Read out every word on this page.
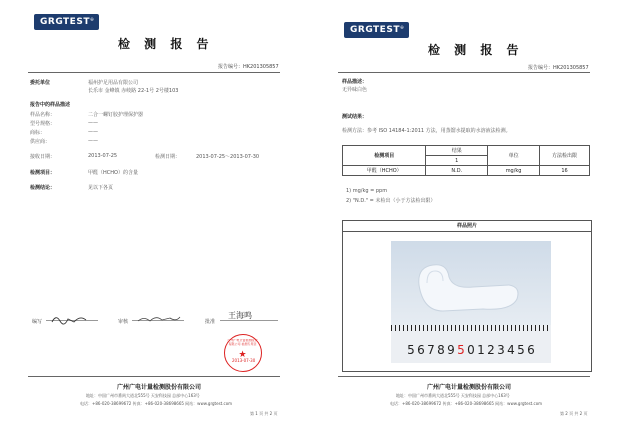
GRGTEST®
检 测 报 告
报告编号：HK201305857
委托单位	福州护足用品有限公司
长乐市 金峰镇 赤岐路 22-1号 2号楼103
报告中的样品描述
样品名称：	二合一螺钉胶护理保护器
型号规格：	——
商标：	——
供应商：	——
接收日期：	2013-07-25	检测日期：	2013-07-25～2013-07-30
检测项目：	甲醛（HCHO）的含量
检测结论：	见以下各页
编写	审核	批准
王海鸣
★
广州广电计量检测股份有限公司 检测专用章
2013-07-30
广州广电计量检测股份有限公司
地址：中国广州市番禺大道北555号 天安科技园 总部中心163号
电话：+86-020-38699672 传真：+86-020-38698665 网站：www.grgtest.com
第 1 页 共 2 页
GRGTEST®
检 测 报 告
报告编号：HK201305857
样品描述：
无异味白色
测试结果：
检测方法：参考 ISO 14184-1:2011 方法，用蒸馏水提取的水溶液法检测。
检测项目	结果	单位	方法检出限
	1		
甲醛（HCHO）	N.D.	mg/kg	16
1) mg/kg = ppm
2) "N.D." = 未检出（小于方法检出限）
样品照片
5 6 7 8 9 5 0 1 2 3 4 5 6
广州广电计量检测股份有限公司
地址：中国广州市番禺大道北555号 天安科技园 总部中心163号
电话：+86-020-38699672 传真：+86-020-38698665 网站：www.grgtest.com
第 2 页 共 2 页
